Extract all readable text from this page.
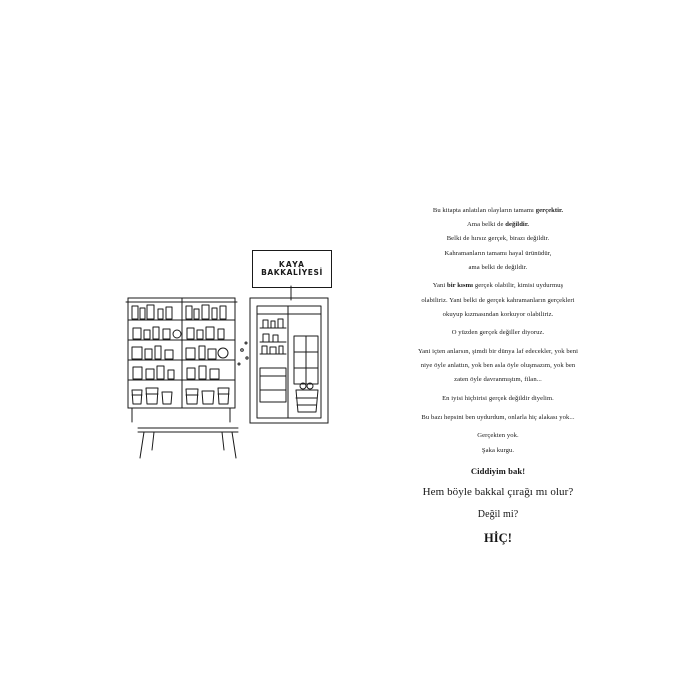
KAYA
BAKKALİYESİ

Bu kitapta anlatılan olayların tamamı gerçektir.

Ama belki de değildir.

Belki de hırsız gerçek, birazı değildir.

Kahramanların tamamı hayal ürünüdür,

ama belki de değildir.

Yani bir kısmı gerçek olabilir, kimisi uydurmuş

olabiliriz. Yani belki de gerçek kahramanların gerçekleri

okuyup kızmasından korkuyor olabiliriz.

O yüzden gerçek değiller diyoruz.

Yani içten anlarsın, şimdi bir dünya laf edecekler, yok beni

niye öyle anlattın, yok ben asla öyle oluşmazım, yok ben

zaten öyle davranmıştım, filan...

En iyisi hiçbirisi gerçek değildir diyelim.

Bu bazı hepsini ben uydurdum, onlarla hiç alakası yok...

Gerçekten yok.

Şaka kurgu.

Ciddiyim bak!

Hem böyle bakkal çırağı mı olur?

Değil mi?

HİÇ!
